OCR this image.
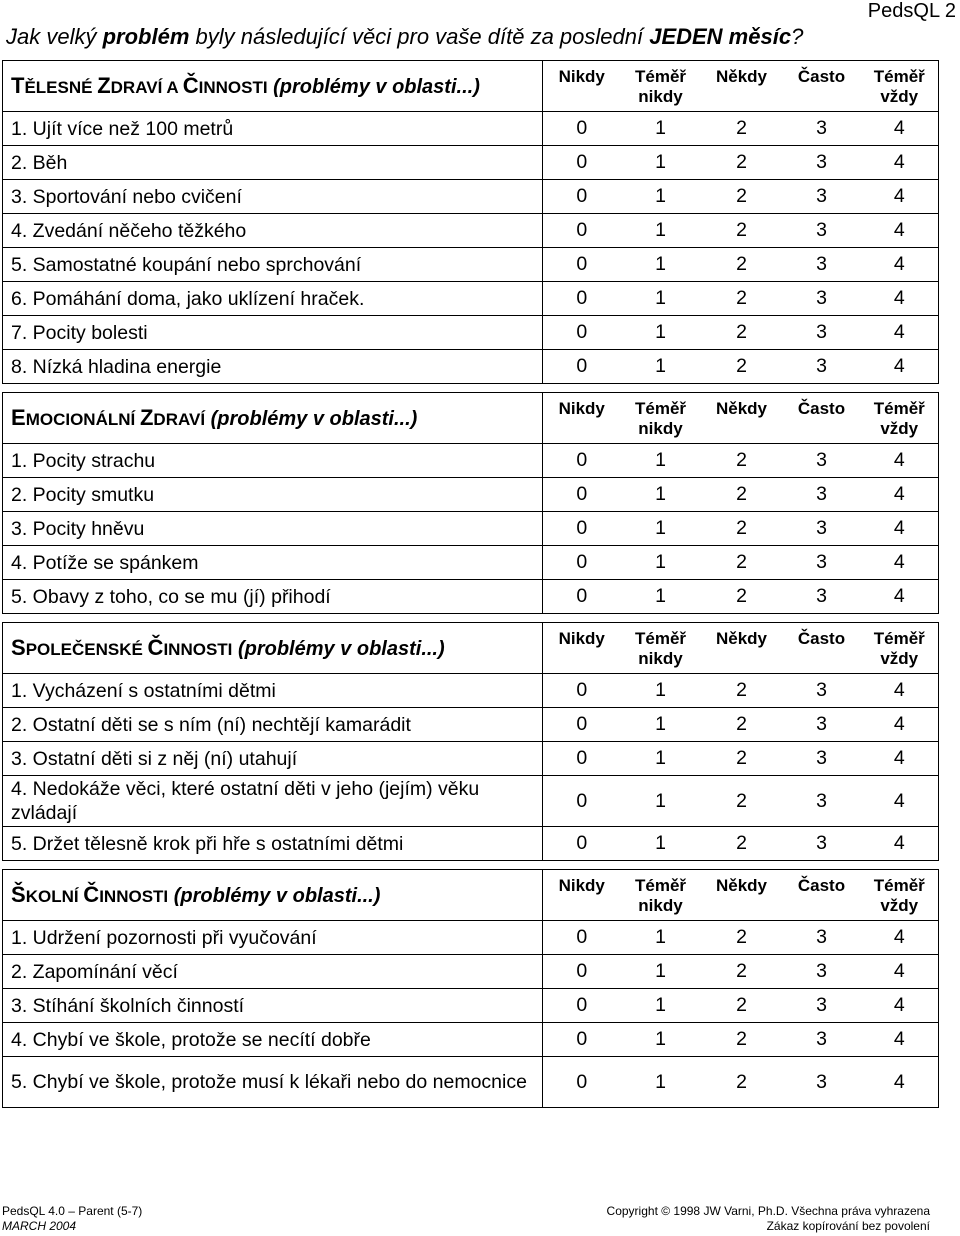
PedsQL 2
Jak velký problém byly následující věci pro vaše dítě za poslední JEDEN měsíc?
TĚLESNÉ ZDRAVÍ A ČINNOSTI (problémy v oblasti...)	Nikdy	Téměř nikdy	Někdy	Často	Téměř vždy
1. Ujít více než 100 metrů	0	1	2	3	4
2. Běh	0	1	2	3	4
3. Sportování nebo cvičení	0	1	2	3	4
4. Zvedání něčeho těžkého	0	1	2	3	4
5. Samostatné koupání nebo sprchování	0	1	2	3	4
6. Pomáhání doma, jako uklízení hraček.	0	1	2	3	4
7. Pocity bolesti	0	1	2	3	4
8. Nízká hladina energie	0	1	2	3	4
EMOCIONÁLNÍ ZDRAVÍ (problémy v oblasti...)	Nikdy	Téměř nikdy	Někdy	Často	Téměř vždy
1. Pocity strachu	0	1	2	3	4
2. Pocity smutku	0	1	2	3	4
3. Pocity hněvu	0	1	2	3	4
4. Potíže se spánkem	0	1	2	3	4
5. Obavy z toho, co se mu (jí) přihodí	0	1	2	3	4
SPOLEČENSKÉ ČINNOSTI (problémy v oblasti...)	Nikdy	Téměř nikdy	Někdy	Často	Téměř vždy
1. Vycházení s ostatními dětmi	0	1	2	3	4
2. Ostatní děti se s ním (ní) nechtějí kamarádit	0	1	2	3	4
3. Ostatní děti si z něj (ní) utahují	0	1	2	3	4
4. Nedokáže věci, které ostatní děti v jeho (jejím) věku zvládají	0	1	2	3	4
5. Držet tělesně krok při hře s ostatními dětmi	0	1	2	3	4
ŠKOLNÍ ČINNOSTI (problémy v oblasti...)	Nikdy	Téměř nikdy	Někdy	Často	Téměř vždy
1. Udržení pozornosti při vyučování	0	1	2	3	4
2. Zapomínání věcí	0	1	2	3	4
3. Stíhání školních činností	0	1	2	3	4
4. Chybí ve škole, protože se necítí dobře	0	1	2	3	4
5. Chybí ve škole, protože musí k lékaři nebo do nemocnice	0	1	2	3	4
PedsQL 4.0 – Parent (5-7)
MARCH 2004
Copyright © 1998 JW Varni, Ph.D. Všechna práva vyhrazena
Zákaz kopírování bez povolení
